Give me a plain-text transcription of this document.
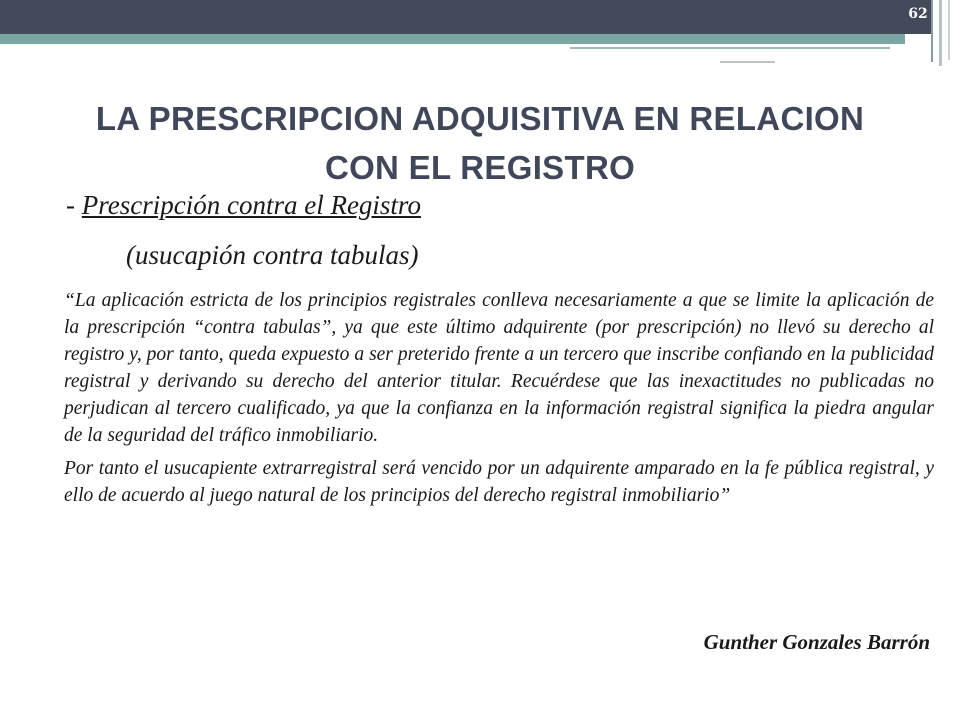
62
LA PRESCRIPCION ADQUISITIVA EN RELACION CON EL REGISTRO
- Prescripción contra el Registro
(usucapión contra tabulas)

“La aplicación estricta de los principios registrales conlleva necesariamente a que se limite la aplicación de la prescripción “contra tabulas”, ya que este último adquirente (por prescripción) no llevó su derecho al registro y, por tanto, queda expuesto a ser preterido frente a un tercero que inscribe confiando en la publicidad registral y derivando su derecho del anterior titular. Recuérdese que las inexactitudes no publicadas no perjudican al tercero cualificado, ya que la confianza en la información registral significa la piedra angular de la seguridad del tráfico inmobiliario.

Por tanto el usucapiente extrarregistral será vencido por un adquirente amparado en la fe pública registral, y ello de acuerdo al juego natural de los principios del derecho registral inmobiliario”

Gunther Gonzales Barrón
